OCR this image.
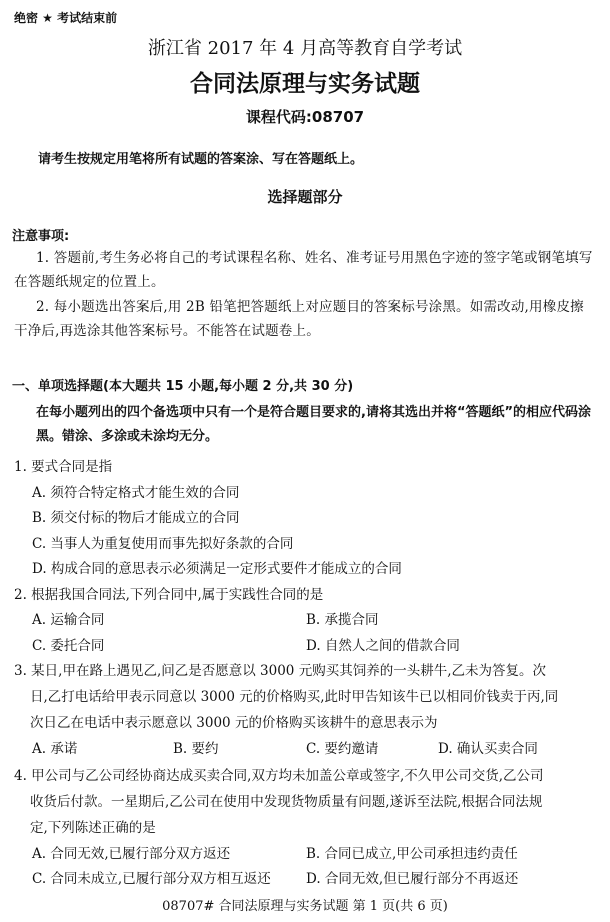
绝密 ★ 考试结束前
浙江省 2017 年 4 月高等教育自学考试
合同法原理与实务试题
课程代码:08707
请考生按规定用笔将所有试题的答案涂、写在答题纸上。
选择题部分
注意事项:
1. 答题前,考生务必将自己的考试课程名称、姓名、准考证号用黑色字迹的签字笔或钢笔填写在答题纸规定的位置上。
2. 每小题选出答案后,用 2B 铅笔把答题纸上对应题目的答案标号涂黑。如需改动,用橡皮擦干净后,再选涂其他答案标号。不能答在试题卷上。
一、单项选择题(本大题共 15 小题,每小题 2 分,共 30 分)
在每小题列出的四个备选项中只有一个是符合题目要求的,请将其选出并将“答题纸”的相应代码涂黑。错涂、多涂或未涂均无分。
1. 要式合同是指
A. 须符合特定格式才能生效的合同
B. 须交付标的物后才能成立的合同
C. 当事人为重复使用而事先拟好条款的合同
D. 构成合同的意思表示必须满足一定形式要件才能成立的合同
2. 根据我国合同法,下列合同中,属于实践性合同的是
A. 运输合同	B. 承揽合同
C. 委托合同	D. 自然人之间的借款合同
3. 某日,甲在路上遇见乙,问乙是否愿意以 3000 元购买其饲养的一头耕牛,乙未为答复。次
日,乙打电话给甲表示同意以 3000 元的价格购买,此时甲告知该牛已以相同价钱卖于丙,同
次日乙在电话中表示愿意以 3000 元的价格购买该耕牛的意思表示为
A. 承诺	B. 要约	C. 要约邀请	D. 确认买卖合同
4. 甲公司与乙公司经协商达成买卖合同,双方均未加盖公章或签字,不久甲公司交货,乙公司
收货后付款。一星期后,乙公司在使用中发现货物质量有问题,遂诉至法院,根据合同法规
定,下列陈述正确的是
A. 合同无效,已履行部分双方返还	B. 合同已成立,甲公司承担违约责任
C. 合同未成立,已履行部分双方相互返还	D. 合同无效,但已履行部分不再返还
08707# 合同法原理与实务试题 第 1 页(共 6 页)
